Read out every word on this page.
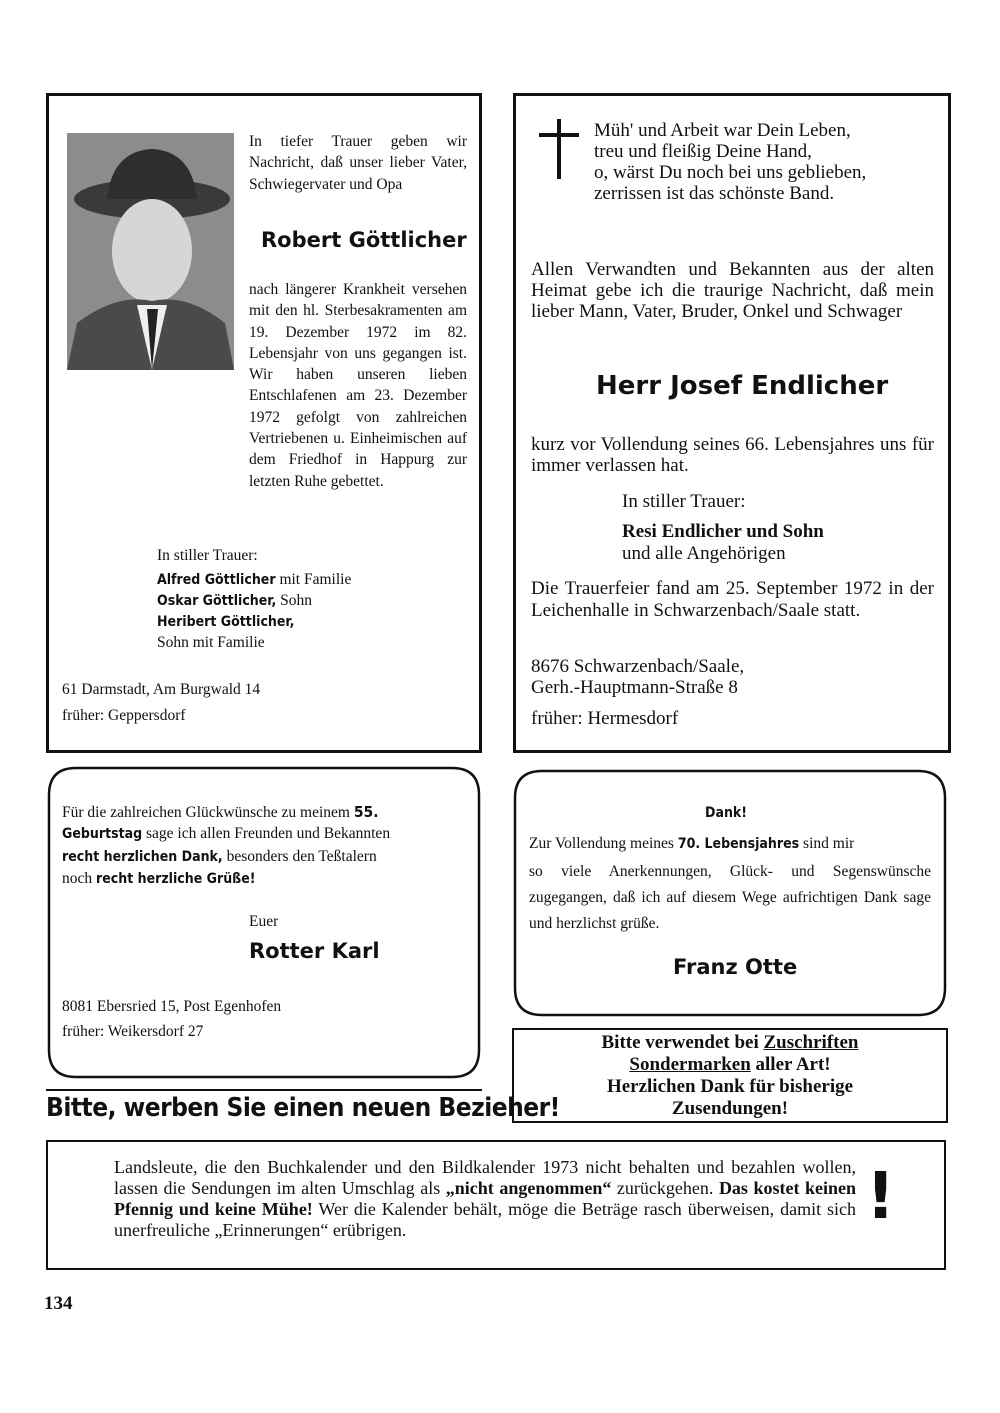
In tiefer Trauer geben wir Nachricht, daß unser lieber Vater, Schwiegervater und Opa
Robert Göttlicher
nach längerer Krankheit versehen mit den hl. Sterbesakramenten am 19. Dezember 1972 im 82. Lebensjahr von uns gegangen ist. Wir haben unseren lieben Entschlafenen am 23. Dezember 1972 gefolgt von zahlreichen Vertriebenen u. Einheimischen auf dem Friedhof in Happurg zur letzten Ruhe gebettet.
In stiller Trauer:
Alfred Göttlicher mit Familie
Oskar Göttlicher, Sohn
Heribert Göttlicher,
Sohn mit Familie
61 Darmstadt, Am Burgwald 14
früher: Geppersdorf
Müh' und Arbeit war Dein Leben,
treu und fleißig Deine Hand,
o, wärst Du noch bei uns geblieben,
zerrissen ist das schönste Band.
Allen Verwandten und Bekannten aus der alten Heimat gebe ich die traurige Nachricht, daß mein lieber Mann, Vater, Bruder, Onkel und Schwager
Herr Josef Endlicher
kurz vor Vollendung seines 66. Lebensjahres uns für immer verlassen hat.
In stiller Trauer:
Resi Endlicher und Sohn
und alle Angehörigen
Die Trauerfeier fand am 25. September 1972 in der Leichenhalle in Schwarzenbach/Saale statt.
8676 Schwarzenbach/Saale,
Gerh.-Hauptmann-Straße 8
früher: Hermesdorf
Für die zahlreichen Glückwünsche zu meinem 55.
Geburtstag sage ich allen Freunden und Bekannten
recht herzlichen Dank, besonders den Teßtalern
noch recht herzliche Grüße!
Euer
Rotter Karl
8081 Ebersried 15, Post Egenhofen
früher: Weikersdorf 27
Dank!
Zur Vollendung meines 70. Lebensjahres sind mir
so viele Anerkennungen, Glück- und Segenswünsche zugegangen, daß ich auf diesem Wege aufrichtigen Dank sage und herzlichst grüße.
Franz Otte
Bitte, werben Sie einen neuen Bezieher!
Bitte verwendet bei Zuschriften
Sondermarken aller Art!
Herzlichen Dank für bisherige
Zusendungen!
Landsleute, die den Buchkalender und den Bildkalender 1973 nicht behalten und bezahlen wollen, lassen die Sendungen im alten Umschlag als „nicht angenommen“ zurückgehen. Das kostet keinen Pfennig und keine Mühe! Wer die Kalender behält, möge die Beträge rasch überweisen, damit sich unerfreuliche „Erinnerungen“ erübrigen.	!
134
